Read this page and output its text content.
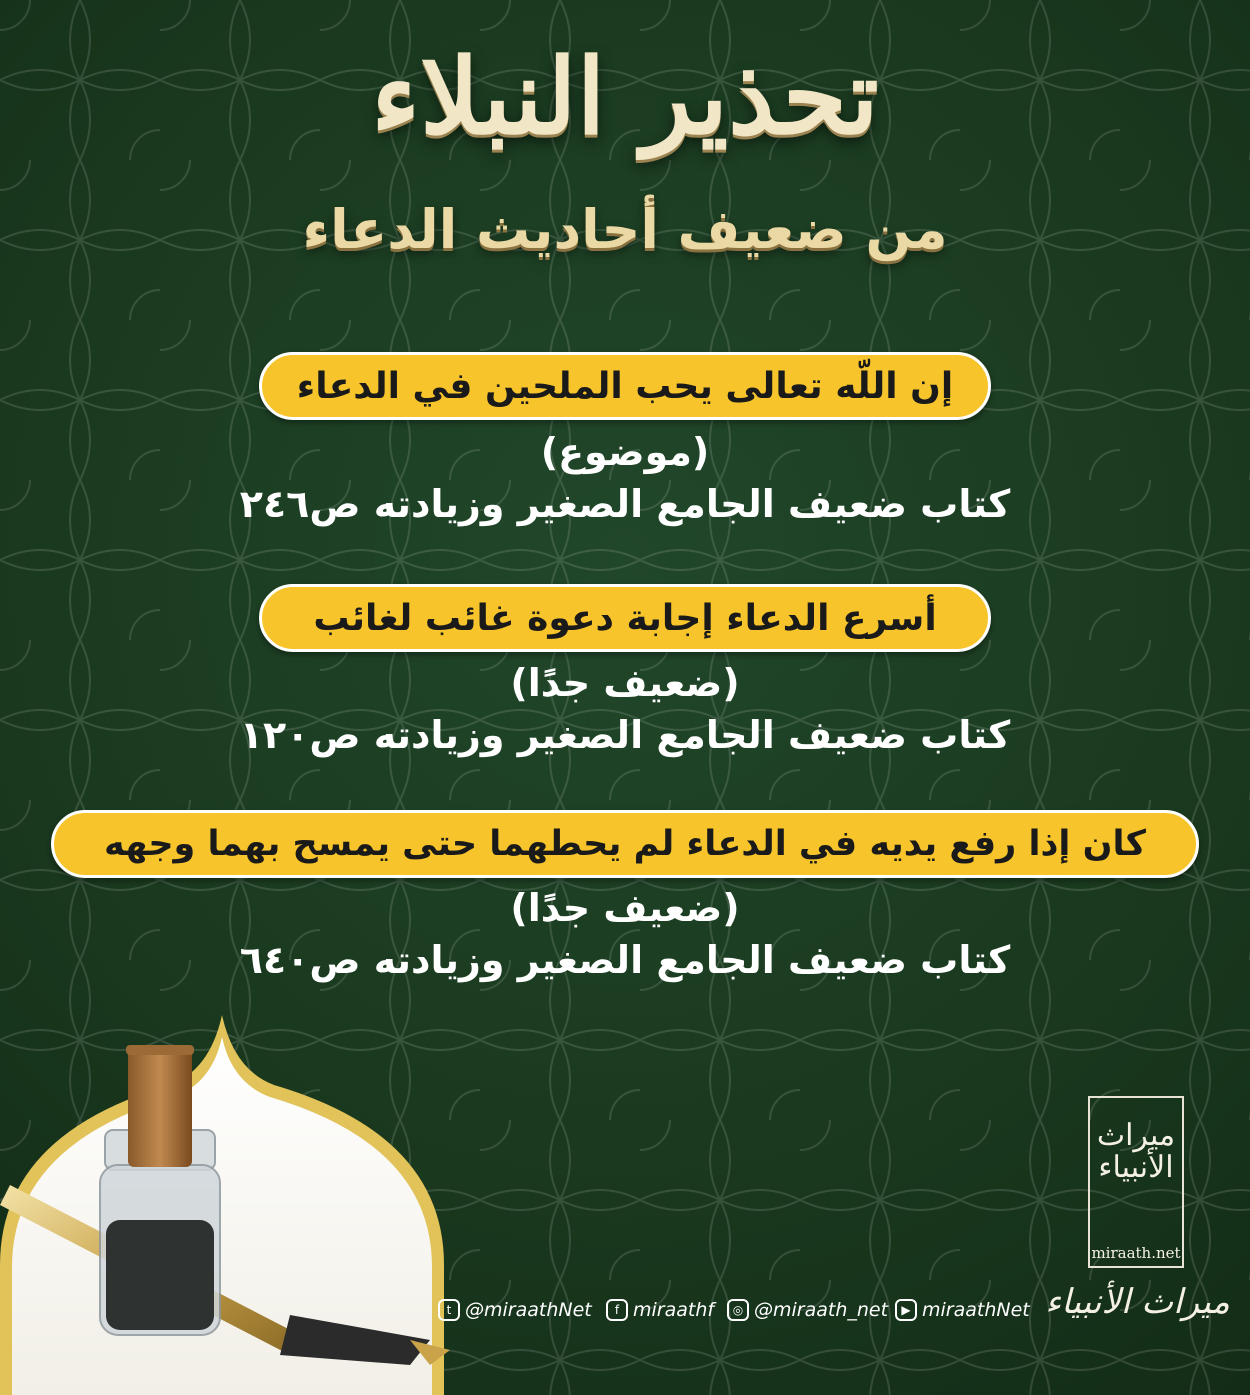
تحذير النبلاء
من ضعيف أحاديث الدعاء
إن اللّه تعالى يحب الملحين في الدعاء
(موضوع)
كتاب ضعيف الجامع الصغير وزيادته ص٢٤٦
أسرع الدعاء إجابة دعوة غائب لغائب
(ضعيف جدًا)
كتاب ضعيف الجامع الصغير وزيادته ص١٢٠
كان إذا رفع يديه في الدعاء لم يحطهما حتى يمسح بهما وجهه
(ضعيف جدًا)
كتاب ضعيف الجامع الصغير وزيادته ص٦٤٠
t @miraathNet	f miraathf	◎ @miraath_net	▶ miraathNet
ميراث الأنبياء
miraath.net
ميراث الأنبياء
